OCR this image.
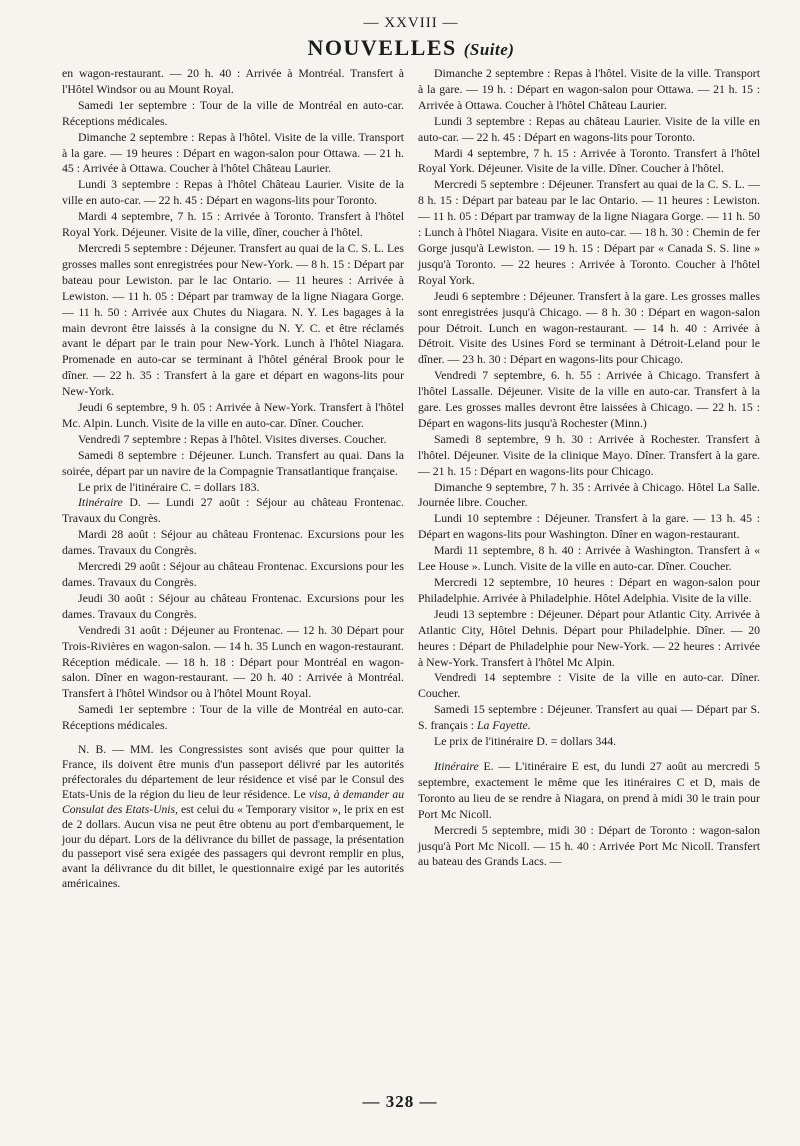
— XXVIII —
NOUVELLES (Suite)

en wagon-restaurant. — 20 h. 40 : Arrivée à Montréal. Transfert à l'Hôtel Windsor ou au Mount Royal.

Samedi 1er septembre : Tour de la ville de Montréal en auto-car. Réceptions médicales.

Dimanche 2 septembre : Repas à l'hôtel. Visite de la ville. Transport à la gare. — 19 heures : Départ en wagon-salon pour Ottawa. — 21 h. 45 : Arrivée à Ottawa. Coucher à l'hôtel Château Laurier.

Lundi 3 septembre : Repas à l'hôtel Château Laurier. Visite de la ville en auto-car. — 22 h. 45 : Départ en wagons-lits pour Toronto.

Mardi 4 septembre, 7 h. 15 : Arrivée à Toronto. Transfert à l'hôtel Royal York. Déjeuner. Visite de la ville, dîner, coucher à l'hôtel.

Mercredi 5 septembre : Déjeuner. Transfert au quai de la C. S. L. Les grosses malles sont enregistrées pour New-York. — 8 h. 15 : Départ par bateau pour Lewiston. par le lac Ontario. — 11 heures : Arrivée à Lewiston. — 11 h. 05 : Départ par tramway de la ligne Niagara Gorge. — 11 h. 50 : Arrivée aux Chutes du Niagara. N. Y. Les bagages à la main devront être laissés à la consigne du N. Y. C. et être réclamés avant le départ par le train pour New-York. Lunch à l'hôtel Niagara. Promenade en auto-car se terminant à l'hôtel général Brook pour le dîner. — 22 h. 35 : Transfert à la gare et départ en wagons-lits pour New-York.

Jeudi 6 septembre, 9 h. 05 : Arrivée à New-York. Transfert à l'hôtel Mc. Alpin. Lunch. Visite de la ville en auto-car. Dîner. Coucher.

Vendredi 7 septembre : Repas à l'hôtel. Visites diverses. Coucher.

Samedi 8 septembre : Déjeuner. Lunch. Transfert au quai. Dans la soirée, départ par un navire de la Compagnie Transatlantique française.

Le prix de l'itinéraire C. = dollars 183.

Itinéraire D. — Lundi 27 août : Séjour au château Frontenac. Travaux du Congrès.

Mardi 28 août : Séjour au château Frontenac. Excursions pour les dames. Travaux du Congrès.

Mercredi 29 août : Séjour au château Frontenac. Excursions pour les dames. Travaux du Congrès.

Jeudi 30 août : Séjour au château Frontenac. Excursions pour les dames. Travaux du Congrès.

Vendredi 31 août : Déjeuner au Frontenac. — 12 h. 30 Départ pour Trois-Rivières en wagon-salon. — 14 h. 35 Lunch en wagon-restaurant. Réception médicale. — 18 h. 18 : Départ pour Montréal en wagon-salon. Dîner en wagon-restaurant. — 20 h. 40 : Arrivée à Montréal. Transfert à l'hôtel Windsor ou à l'hôtel Mount Royal.

Samedi 1er septembre : Tour de la ville de Montréal en auto-car. Réceptions médicales.

N. B. — MM. les Congressistes sont avisés que pour quitter la France, ils doivent être munis d'un passeport délivré par les autorités préfectorales du département de leur résidence et visé par le Consul des Etats-Unis de la région du lieu de leur résidence. Le visa, à demander au Consulat des Etats-Unis, est celui du « Temporary visitor », le prix en est de 2 dollars. Aucun visa ne peut être obtenu au port d'embarquement, le jour du départ. Lors de la délivrance du billet de passage, la présentation du passeport visé sera exigée des passagers qui devront remplir en plus, avant la délivrance du dit billet, le questionnaire exigé par les autorités américaines.

Dimanche 2 septembre : Repas à l'hôtel. Visite de la ville. Transport à la gare. — 19 h. : Départ en wagon-salon pour Ottawa. — 21 h. 15 : Arrivée à Ottawa. Coucher à l'hôtel Château Laurier.

Lundi 3 septembre : Repas au château Laurier. Visite de la ville en auto-car. — 22 h. 45 : Départ en wagons-lits pour Toronto.

Mardi 4 septembre, 7 h. 15 : Arrivée à Toronto. Transfert à l'hôtel Royal York. Déjeuner. Visite de la ville. Dîner. Coucher à l'hôtel.

Mercredi 5 septembre : Déjeuner. Transfert au quai de la C. S. L. — 8 h. 15 : Départ par bateau par le lac Ontario. — 11 heures : Lewiston. — 11 h. 05 : Départ par tramway de la ligne Niagara Gorge. — 11 h. 50 : Lunch à l'hôtel Niagara. Visite en auto-car. — 18 h. 30 : Chemin de fer Gorge jusqu'à Lewiston. — 19 h. 15 : Départ par « Canada S. S. line » jusqu'à Toronto. — 22 heures : Arrivée à Toronto. Coucher à l'hôtel Royal York.

Jeudi 6 septembre : Déjeuner. Transfert à la gare. Les grosses malles sont enregistrées jusqu'à Chicago. — 8 h. 30 : Départ en wagon-salon pour Détroit. Lunch en wagon-restaurant. — 14 h. 40 : Arrivée à Détroit. Visite des Usines Ford se terminant à Détroit-Leland pour le dîner. — 23 h. 30 : Départ en wagons-lits pour Chicago.

Vendredi 7 septembre, 6. h. 55 : Arrivée à Chicago. Transfert à l'hôtel Lassalle. Déjeuner. Visite de la ville en auto-car. Transfert à la gare. Les grosses malles devront être laissées à Chicago. — 22 h. 15 : Départ en wagons-lits jusqu'à Rochester (Minn.)

Samedi 8 septembre, 9 h. 30 : Arrivée à Rochester. Transfert à l'hôtel. Déjeuner. Visite de la clinique Mayo. Dîner. Transfert à la gare. — 21 h. 15 : Départ en wagons-lits pour Chicago.

Dimanche 9 septembre, 7 h. 35 : Arrivée à Chicago. Hôtel La Salle. Journée libre. Coucher.

Lundi 10 septembre : Déjeuner. Transfert à la gare. — 13 h. 45 : Départ en wagons-lits pour Washington. Dîner en wagon-restaurant.

Mardi 11 septembre, 8 h. 40 : Arrivée à Washington. Transfert à « Lee House ». Lunch. Visite de la ville en auto-car. Dîner. Coucher.

Mercredi 12 septembre, 10 heures : Départ en wagon-salon pour Philadelphie. Arrivée à Philadelphie. Hôtel Adelphia. Visite de la ville.

Jeudi 13 septembre : Déjeuner. Départ pour Atlantic City. Arrivée à Atlantic City, Hôtel Dehnis. Départ pour Philadelphie. Dîner. — 20 heures : Départ de Philadelphie pour New-York. — 22 heures : Arrivée à New-York. Transfert à l'hôtel Mc Alpin.

Vendredi 14 septembre : Visite de la ville en auto-car. Dîner. Coucher.

Samedi 15 septembre : Déjeuner. Transfert au quai — Départ par S. S. français : La Fayette.

Le prix de l'itinéraire D. = dollars 344.

Itinéraire E. — L'itinéraire E est, du lundi 27 août au mercredi 5 septembre, exactement le même que les itinéraires C et D, mais de Toronto au lieu de se rendre à Niagara, on prend à midi 30 le train pour Port Mc Nicoll.

Mercredi 5 septembre, midi 30 : Départ de Toronto : wagon-salon jusqu'à Port Mc Nicoll. — 15 h. 40 : Arrivée Port Mc Nicoll. Transfert au bateau des Grands Lacs. —

— 328 —
